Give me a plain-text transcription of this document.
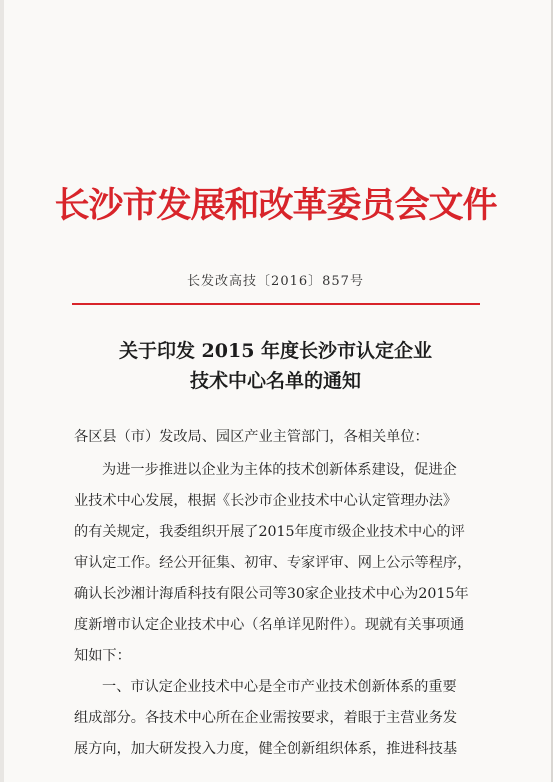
长沙市发展和改革委员会文件
长发改高技〔2016〕857号
关于印发 2015 年度长沙市认定企业
技术中心名单的通知
各区县（市）发改局、园区产业主管部门，各相关单位：
为进一步推进以企业为主体的技术创新体系建设，促进企
业技术中心发展，根据《长沙市企业技术中心认定管理办法》
的有关规定，我委组织开展了2015年度市级企业技术中心的评
审认定工作。经公开征集、初审、专家评审、网上公示等程序，
确认长沙湘计海盾科技有限公司等30家企业技术中心为2015年
度新增市认定企业技术中心（名单详见附件）。现就有关事项通
知如下：
一、市认定企业技术中心是全市产业技术创新体系的重要
组成部分。各技术中心所在企业需按要求，着眼于主营业务发
展方向，加大研发投入力度，健全创新组织体系，推进科技基
